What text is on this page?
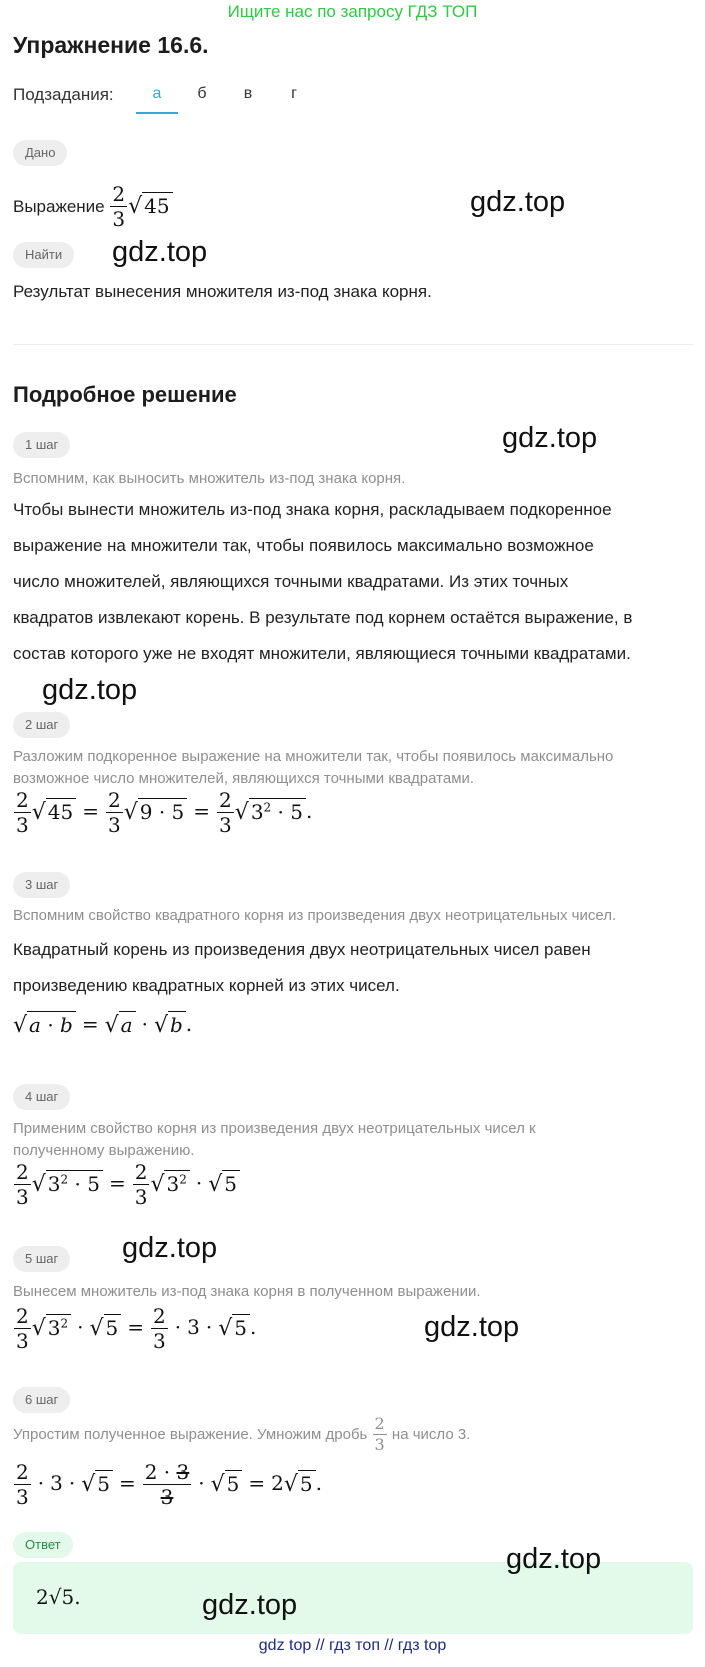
Ищите нас по запросу ГДЗ ТОП
Упражнение 16.6.
Подзадания:	а	б	в	г
Дано
Выражение $\frac{2}{3}$ √ 45
Найти
Результат вынесения множителя из-под знака корня.
Подробное решение
1 шаг
Вспомним, как выносить множитель из-под знака корня.
Чтобы вынести множитель из-под знака корня, раскладываем подкоренное
выражение на множители так, чтобы появилось максимально возможное
число множителей, являющихся точными квадратами. Из этих точных
квадратов извлекают корень. В результате под корнем остаётся выражение, в
состав которого уже не входят множители, являющиеся точными квадратами.
2 шаг
Разложим подкоренное выражение на множители так, чтобы появилось максимально
возможное число множителей, являющихся точными квадратами.
$\frac{2}{3}$ √ $45 = \frac{2}{3}$ √ $9 \cdot 5 = \frac{2}{3}$ √ $3^2 \cdot 5$ .
3 шаг
Вспомним свойство квадратного корня из произведения двух неотрицательных чисел.
Квадратный корень из произведения двух неотрицательных чисел равен
произведению квадратных корней из этих чисел.
√ a · b = √ a · √ b .
4 шаг
Применим свойство корня из произведения двух неотрицательных чисел к
полученному выражению.
$\frac{2}{3}$ √ $3^2 \cdot 5 = \frac{2}{3}$ √ $3^2$ · √ 5
5 шаг
Вынесем множитель из-под знака корня в полученном выражении.
$\frac{2}{3}$ √ $3^2$ · √ $5 = \frac{2}{3} \cdot 3$ · √ 5 .
6 шаг
Упростим полученное выражение. Умножим дробь $\frac{2}{3}$ на число 3.
$\frac{2}{3} \cdot 3$ · √ $5 = \frac{2 \cdot 3}{3}$ · √ 5 = 2√ 5 .
Ответ
2√5.
gdz.top
gdz.top
gdz.top
gdz.top
gdz.top
gdz.top
gdz.top
gdz.top
gdz top // гдз топ // гдз top
